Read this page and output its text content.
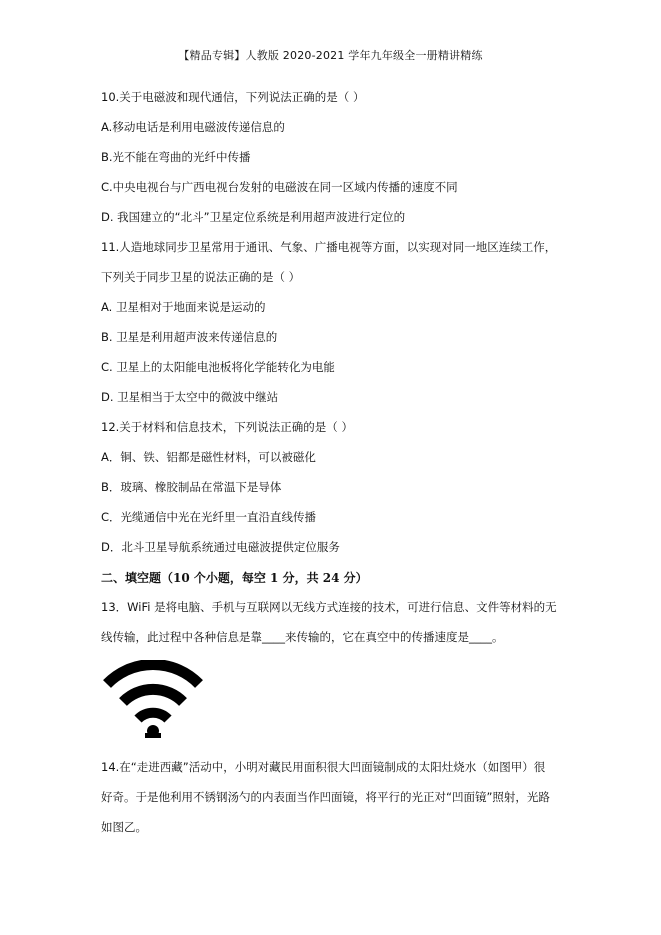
【精品专辑】人教版 2020-2021 学年九年级全一册精讲精练
10.关于电磁波和现代通信，下列说法正确的是（ ）
A.移动电话是利用电磁波传递信息的
B.光不能在弯曲的光纤中传播
C.中央电视台与广西电视台发射的电磁波在同一区域内传播的速度不同
D. 我国建立的“北斗”卫星定位系统是利用超声波进行定位的
11.人造地球同步卫星常用于通讯、气象、广播电视等方面，以实现对同一地区连续工作，
下列关于同步卫星的说法正确的是（ ）
A. 卫星相对于地面来说是运动的
B. 卫星是利用超声波来传递信息的
C. 卫星上的太阳能电池板将化学能转化为电能
D. 卫星相当于太空中的微波中继站
12.关于材料和信息技术，下列说法正确的是（ ）
A．铜、铁、铝都是磁性材料，可以被磁化
B．玻璃、橡胶制品在常温下是导体
C．光缆通信中光在光纤里一直沿直线传播
D．北斗卫星导航系统通过电磁波提供定位服务
二、填空题（10 个小题，每空 1 分，共 24 分）
13．WiFi 是将电脑、手机与互联网以无线方式连接的技术，可进行信息、文件等材料的无
线传输，此过程中各种信息是靠____来传输的，它在真空中的传播速度是____。
14.在“走进西藏”活动中，小明对藏民用面积很大凹面镜制成的太阳灶烧水（如图甲）很
好奇。于是他利用不锈钢汤勺的内表面当作凹面镜，将平行的光正对“凹面镜”照射，光路
如图乙。
